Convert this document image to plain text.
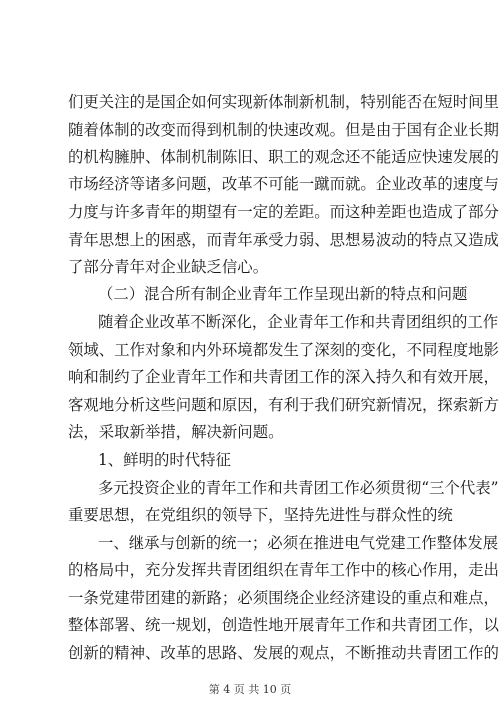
们更关注的是国企如何实现新体制新机制，特别能否在短时间里
随着体制的改变而得到机制的快速改观。但是由于国有企业长期
的机构臃肿、体制机制陈旧、职工的观念还不能适应快速发展的
市场经济等诸多问题，改革不可能一蹴而就。企业改革的速度与
力度与许多青年的期望有一定的差距。而这种差距也造成了部分
青年思想上的困惑，而青年承受力弱、思想易波动的特点又造成
了部分青年对企业缺乏信心。
（二）混合所有制企业青年工作呈现出新的特点和问题
随着企业改革不断深化，企业青年工作和共青团组织的工作
领域、工作对象和内外环境都发生了深刻的变化，不同程度地影
响和制约了企业青年工作和共青团工作的深入持久和有效开展，
客观地分析这些问题和原因，有利于我们研究新情况，探索新方
法，采取新举措，解决新问题。
1、鲜明的时代特征
多元投资企业的青年工作和共青团工作必须贯彻“三个代表”
重要思想，在党组织的领导下，坚持先进性与群众性的统
一、继承与创新的统一；必须在推进电气党建工作整体发展
的格局中，充分发挥共青团组织在青年工作中的核心作用，走出
一条党建带团建的新路；必须围绕企业经济建设的重点和难点，
整体部署、统一规划，创造性地开展青年工作和共青团工作，以
创新的精神、改革的思路、发展的观点，不断推动共青团工作的
第 4 页 共 10 页
